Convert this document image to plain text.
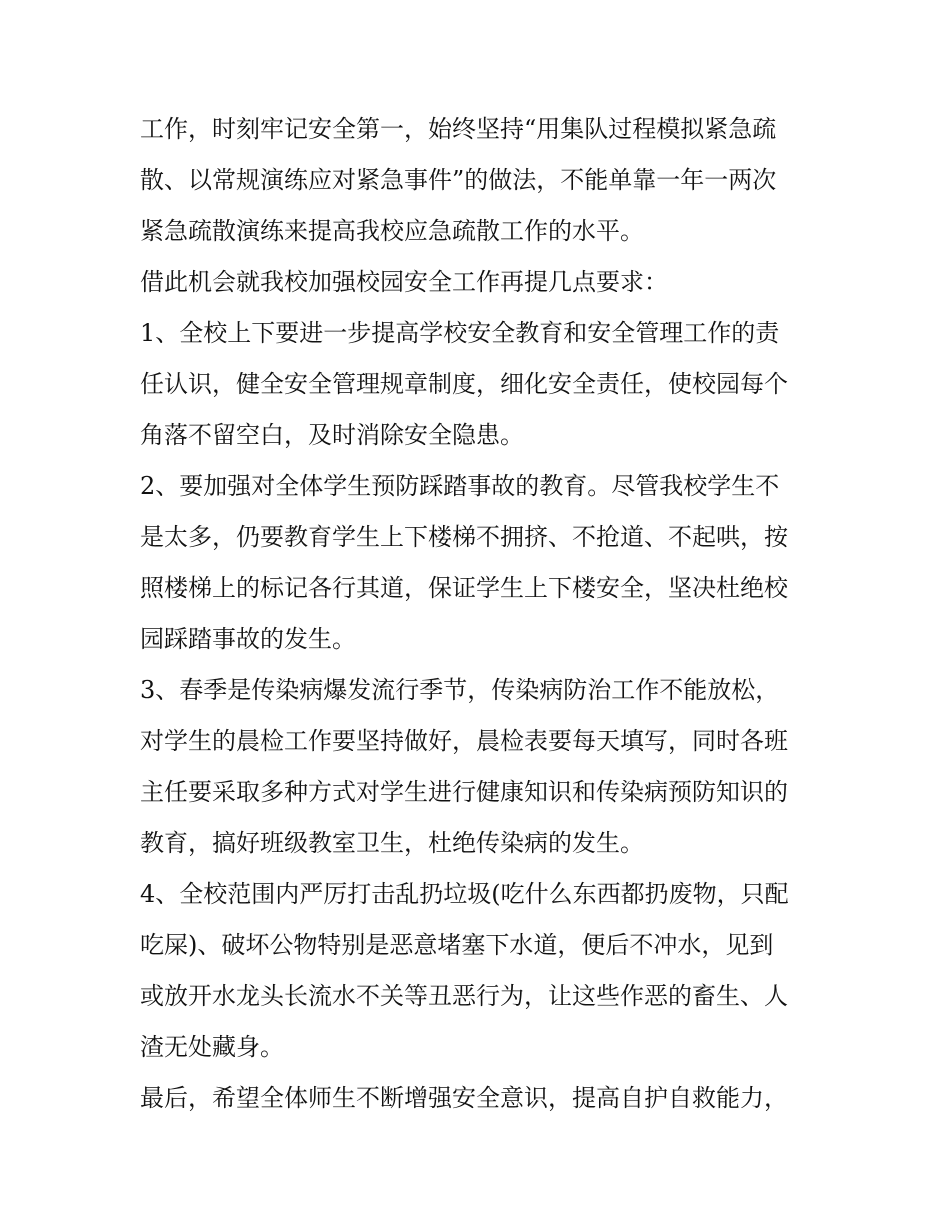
工作，时刻牢记安全第一，始终坚持“用集队过程模拟紧急疏
散、以常规演练应对紧急事件”的做法，不能单靠一年一两次
紧急疏散演练来提高我校应急疏散工作的水平。
借此机会就我校加强校园安全工作再提几点要求：
1、全校上下要进一步提高学校安全教育和安全管理工作的责
任认识，健全安全管理规章制度，细化安全责任，使校园每个
角落不留空白，及时消除安全隐患。
2、要加强对全体学生预防踩踏事故的教育。尽管我校学生不
是太多，仍要教育学生上下楼梯不拥挤、不抢道、不起哄，按
照楼梯上的标记各行其道，保证学生上下楼安全，坚决杜绝校
园踩踏事故的发生。
3、春季是传染病爆发流行季节，传染病防治工作不能放松，
对学生的晨检工作要坚持做好，晨检表要每天填写，同时各班
主任要采取多种方式对学生进行健康知识和传染病预防知识的
教育，搞好班级教室卫生，杜绝传染病的发生。
4、全校范围内严厉打击乱扔垃圾(吃什么东西都扔废物，只配
吃屎)、破坏公物特别是恶意堵塞下水道，便后不冲水，见到
或放开水龙头长流水不关等丑恶行为，让这些作恶的畜生、人
渣无处藏身。
最后，希望全体师生不断增强安全意识，提高自护自救能力，
